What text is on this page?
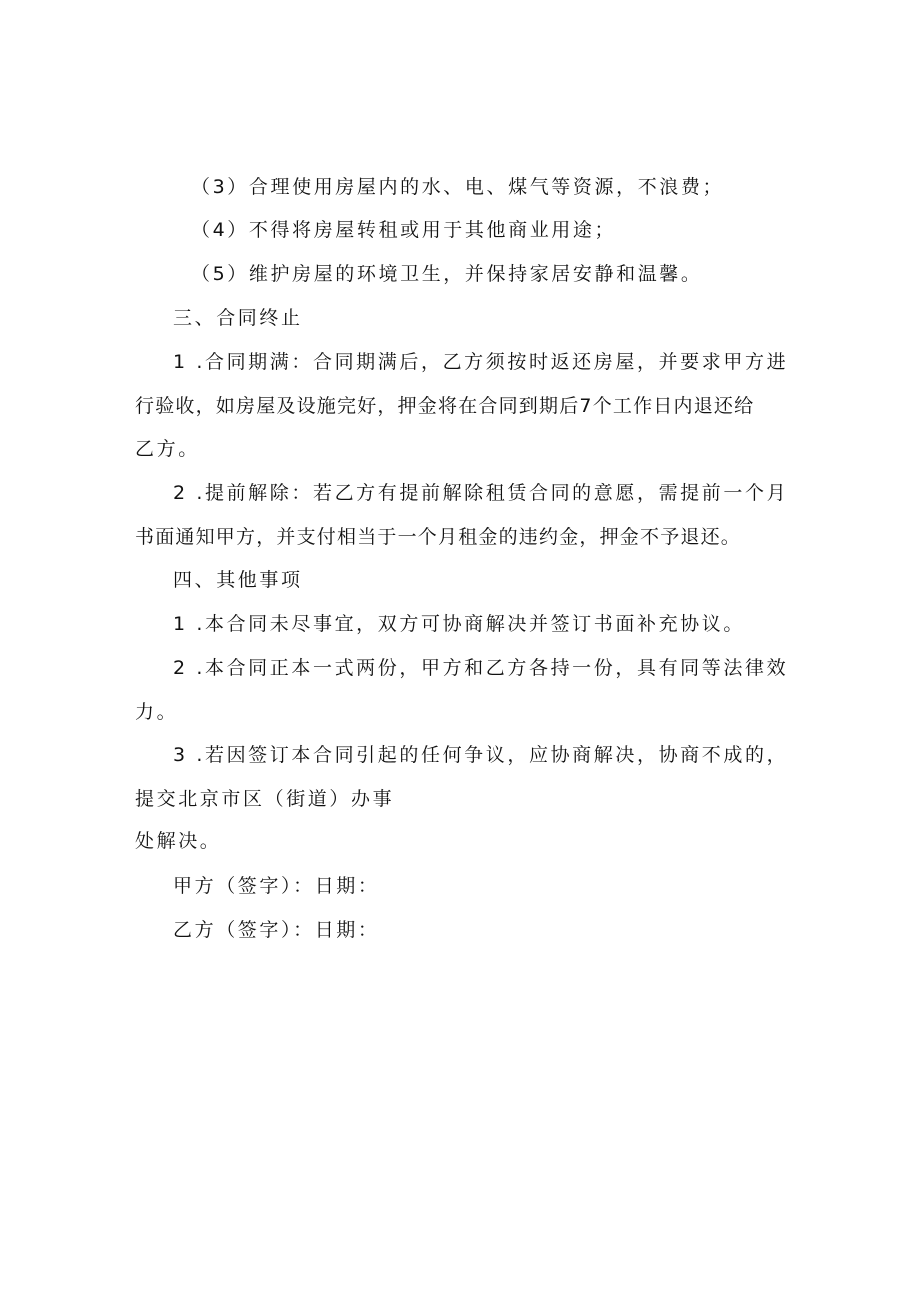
（3）合理使用房屋内的水、电、煤气等资源，不浪费；
（4）不得将房屋转租或用于其他商业用途；
（5）维护房屋的环境卫生，并保持家居安静和温馨。
三、合同终止
1 .合同期满：合同期满后，乙方须按时返还房屋，并要求甲方进
行验收，如房屋及设施完好，押金将在合同到期后7个工作日内退还给
乙方。
2 .提前解除：若乙方有提前解除租赁合同的意愿，需提前一个月
书面通知甲方，并支付相当于一个月租金的违约金，押金不予退还。
四、其他事项
1 .本合同未尽事宜，双方可协商解决并签订书面补充协议。
2 .本合同正本一式两份，甲方和乙方各持一份，具有同等法律效
力。
3 .若因签订本合同引起的任何争议，应协商解决，协商不成的，
提交北京市区（街道）办事
处解决。
甲方（签字）：日期：
乙方（签字）：日期：
